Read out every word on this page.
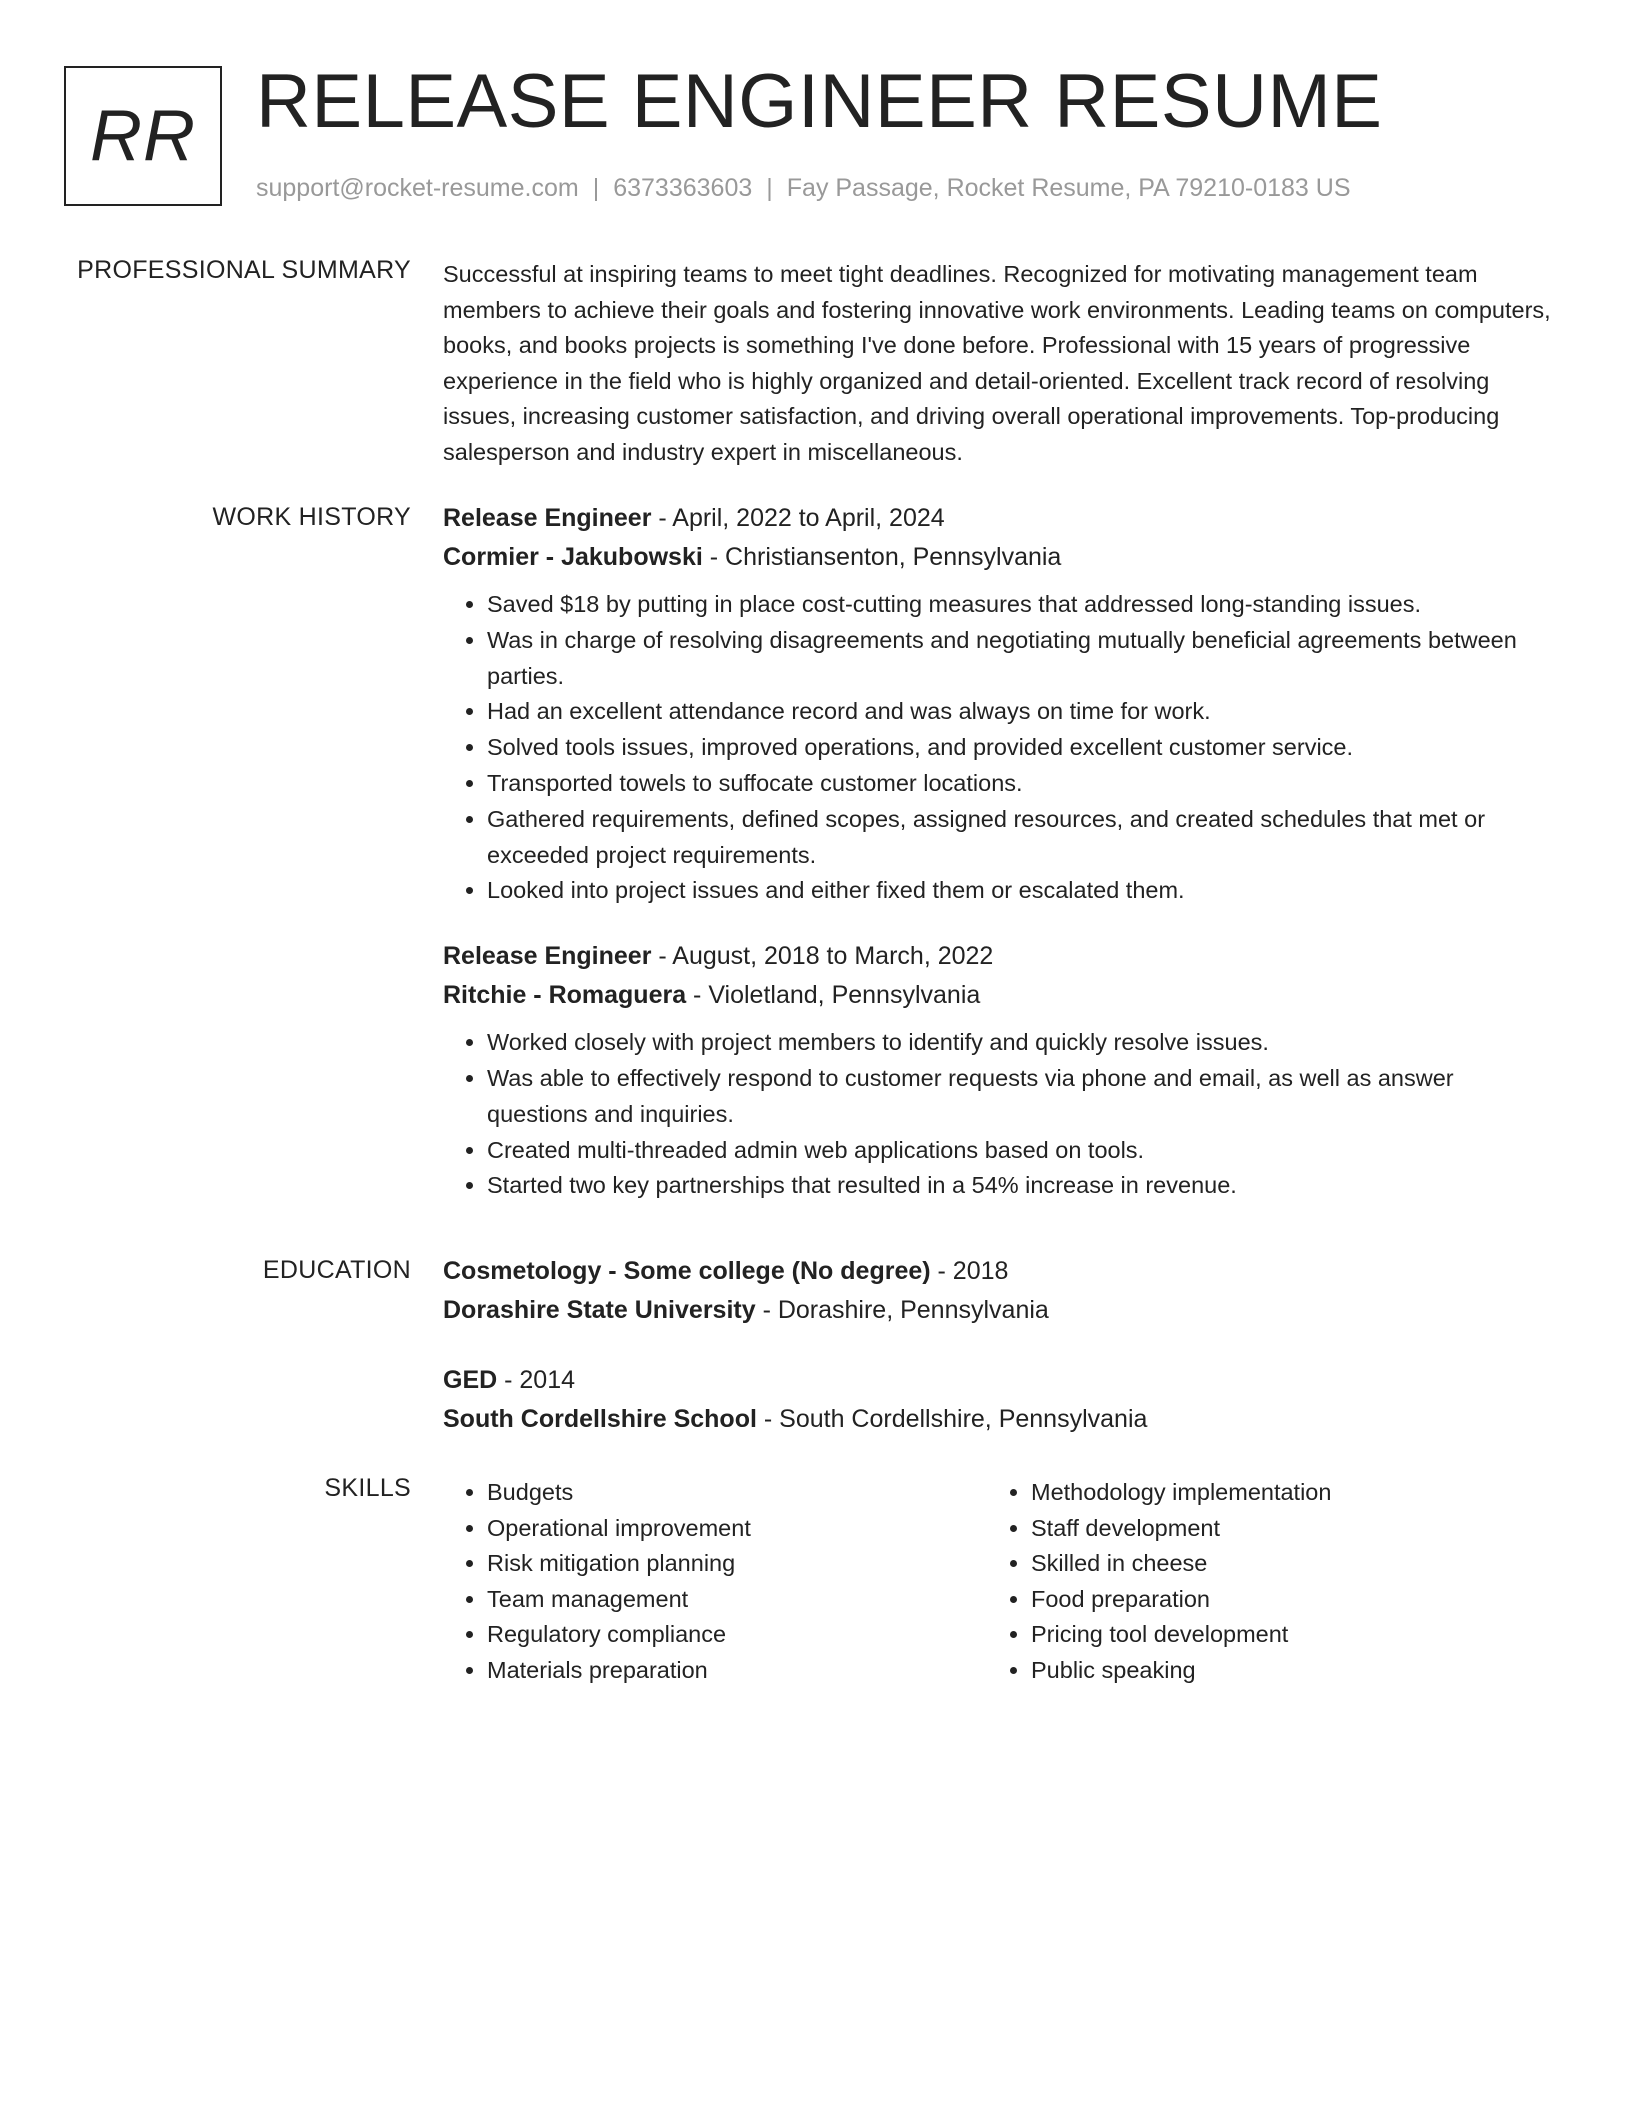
RR RELEASE ENGINEER RESUME
support@rocket-resume.com | 6373363603 | Fay Passage, Rocket Resume, PA 79210-0183 US
PROFESSIONAL SUMMARY Successful at inspiring teams to meet tight deadlines. Recognized for motivating management team members to achieve their goals and fostering innovative work environments. Leading teams on computers, books, and books projects is something I've done before. Professional with 15 years of progressive experience in the field who is highly organized and detail-oriented. Excellent track record of resolving issues, increasing customer satisfaction, and driving overall operational improvements. Top-producing salesperson and industry expert in miscellaneous.

WORK HISTORY Release Engineer - April, 2022 to April, 2024
Cormier - Jakubowski - Christiansenton, Pennsylvania
• Saved $18 by putting in place cost-cutting measures that addressed long-standing issues.
• Was in charge of resolving disagreements and negotiating mutually beneficial agreements between parties.
• Had an excellent attendance record and was always on time for work.
• Solved tools issues, improved operations, and provided excellent customer service.
• Transported towels to suffocate customer locations.
• Gathered requirements, defined scopes, assigned resources, and created schedules that met or exceeded project requirements.
• Looked into project issues and either fixed them or escalated them.
Release Engineer - August, 2018 to March, 2022
Ritchie - Romaguera - Violetland, Pennsylvania
• Worked closely with project members to identify and quickly resolve issues.
• Was able to effectively respond to customer requests via phone and email, as well as answer questions and inquiries.
• Created multi-threaded admin web applications based on tools.
• Started two key partnerships that resulted in a 54% increase in revenue.
EDUCATION Cosmetology - Some college (No degree) - 2018
Dorashire State University - Dorashire, Pennsylvania
GED - 2014
South Cordellshire School - South Cordellshire, Pennsylvania
SKILLS
•	Budgets
• Operational improvement
• Risk mitigation planning
• Team management
• Regulatory compliance
• Materials preparation
• Methodology implementation
• Staff development
• Skilled in cheese
• Food preparation
• Pricing tool development
• Public speaking
